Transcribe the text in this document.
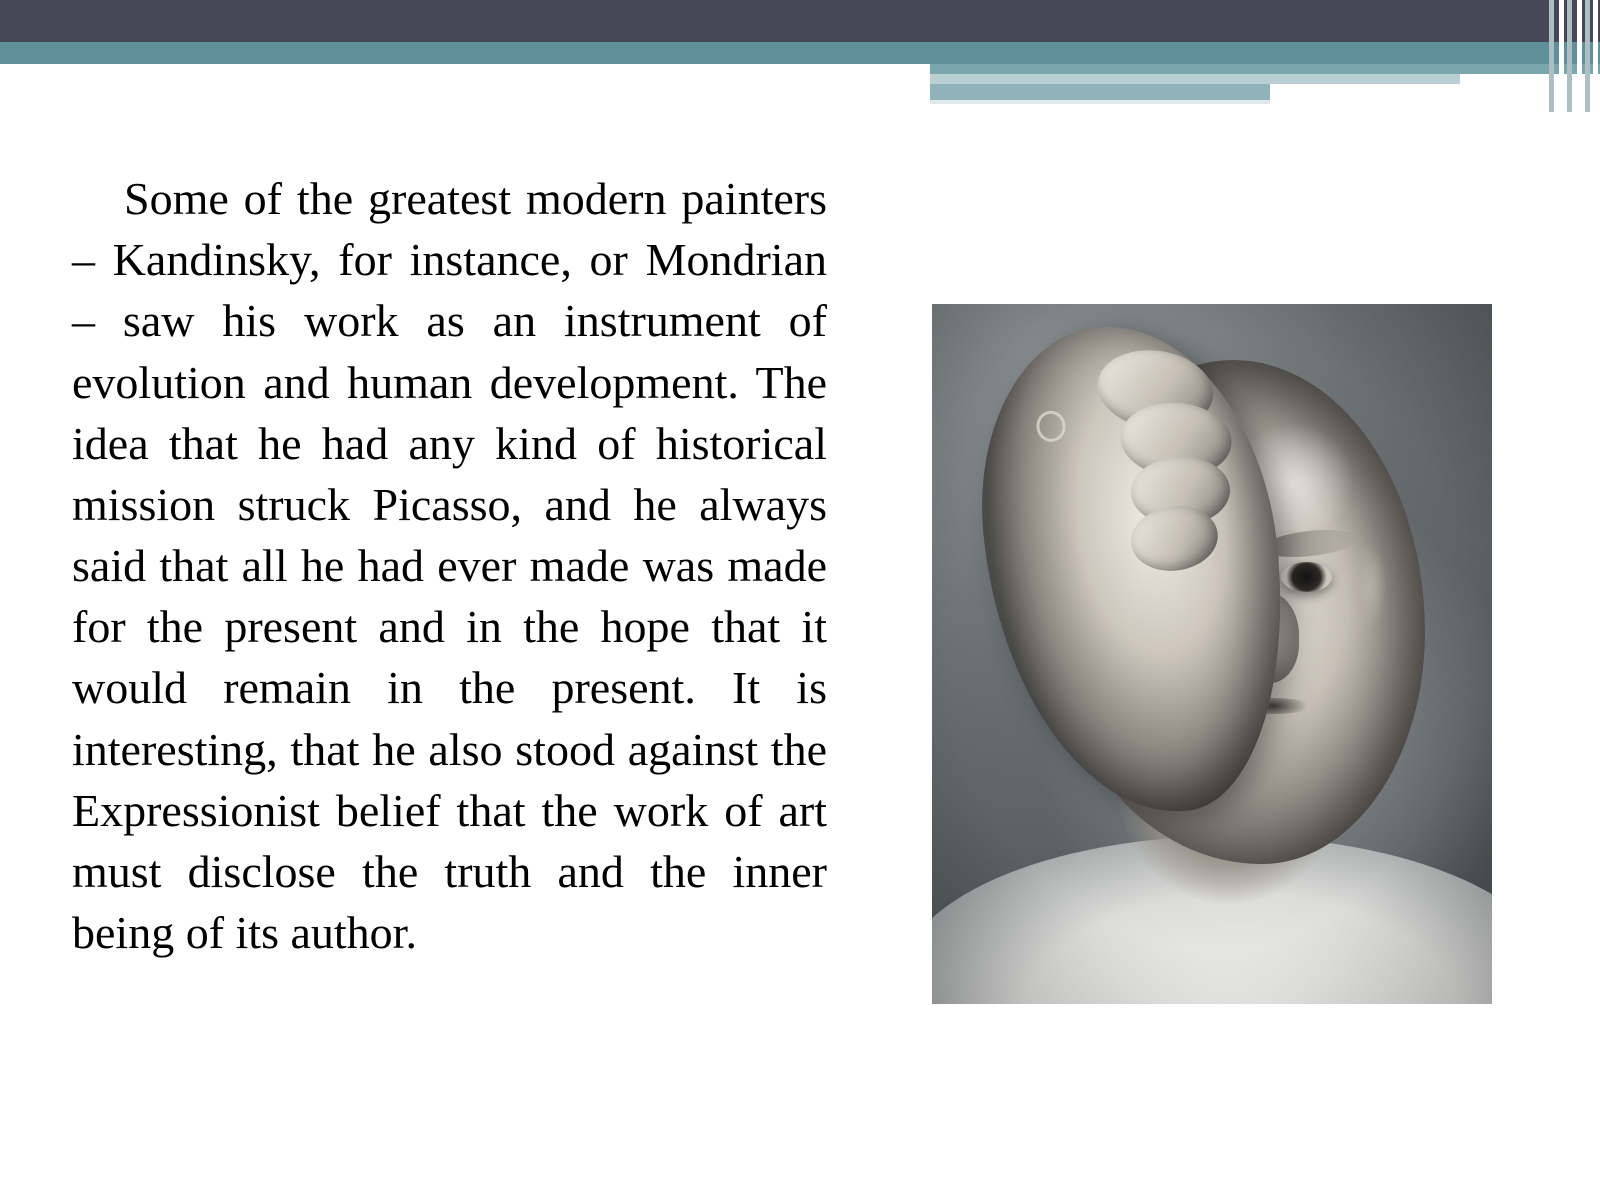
Some of the greatest modern painters – Kandinsky, for instance, or Mondrian – saw his work as an instrument of evolution and human development. The idea that he had any kind of historical mission struck Picasso, and he always said that all he had ever made was made for the present and in the hope that it would remain in the present. It is interesting, that he also stood against the Expressionist belief that the work of art must disclose the truth and the inner being of its author.
